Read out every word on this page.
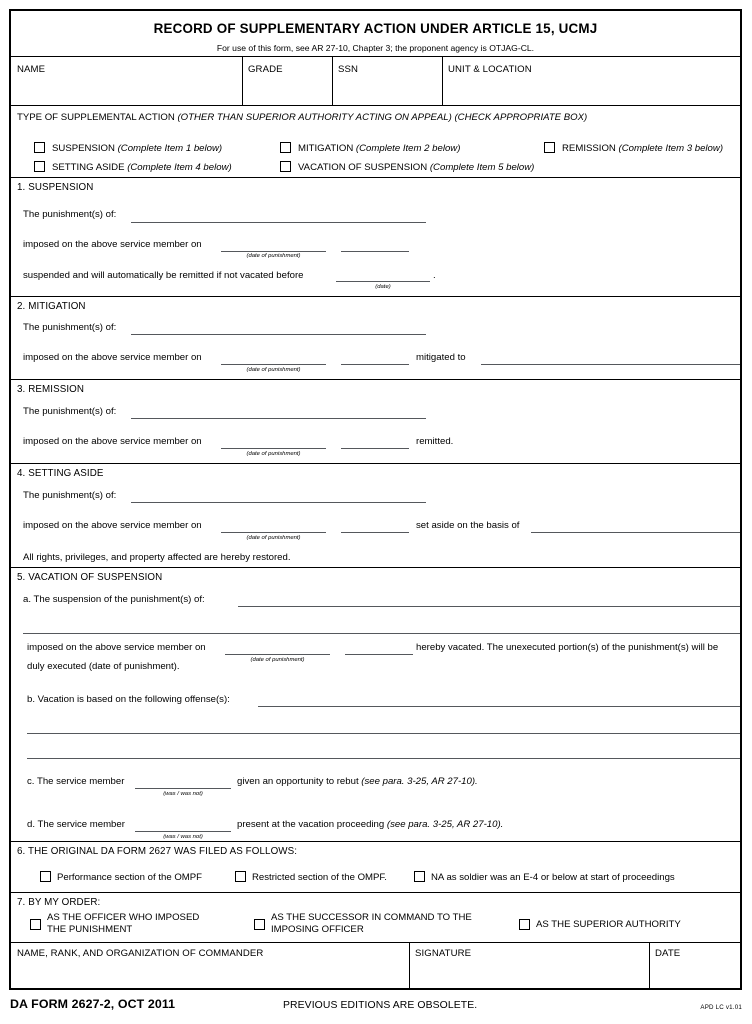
RECORD OF SUPPLEMENTARY ACTION UNDER ARTICLE 15, UCMJ
For use of this form, see AR 27-10, Chapter 3; the proponent agency is OTJAG-CL.
NAME	GRADE	SSN	UNIT & LOCATION
TYPE OF SUPPLEMENTAL ACTION (OTHER THAN SUPERIOR AUTHORITY ACTING ON APPEAL) (CHECK APPROPRIATE BOX)
SUSPENSION (Complete Item 1 below)	MITIGATION (Complete Item 2 below)	REMISSION (Complete Item 3 below)
SETTING ASIDE (Complete Item 4 below)	VACATION OF SUSPENSION (Complete Item 5 below)
1. SUSPENSION
The punishment(s) of:
imposed on the above service member on
(date of punishment)
suspended and will automatically be remitted if not vacated before	.
(date)
2. MITIGATION
The punishment(s) of:
imposed on the above service member on
(date of punishment)
mitigated to
3. REMISSION
The punishment(s) of:
imposed on the above service member on
(date of punishment)
remitted.
4. SETTING ASIDE
The punishment(s) of:
imposed on the above service member on
(date of punishment)
set aside on the basis of
All rights, privileges, and property affected are hereby restored.
5. VACATION OF SUSPENSION
a. The suspension of the punishment(s) of:
imposed on the above service member on
(date of punishment)
hereby vacated. The unexecuted portion(s) of the punishment(s) will be
duly executed (date of punishment).
b. Vacation is based on the following offense(s):
c. The service member
(was / was not)
given an opportunity to rebut (see para. 3-25, AR 27-10).
d. The service member
(was / was not)
present at the vacation proceeding (see para. 3-25, AR 27-10).
6. THE ORIGINAL DA FORM 2627 WAS FILED AS FOLLOWS:
Performance section of the OMPF	Restricted section of the OMPF.	NA as soldier was an E-4 or below at start of proceedings
7. BY MY ORDER:
AS THE OFFICER WHO IMPOSED
THE PUNISHMENT
AS THE SUCCESSOR IN COMMAND TO THE
IMPOSING OFFICER	AS THE SUPERIOR AUTHORITY
NAME, RANK, AND ORGANIZATION OF COMMANDER	SIGNATURE	DATE
DA FORM 2627-2, OCT 2011	PREVIOUS EDITIONS ARE OBSOLETE.	APD LC v1.01
